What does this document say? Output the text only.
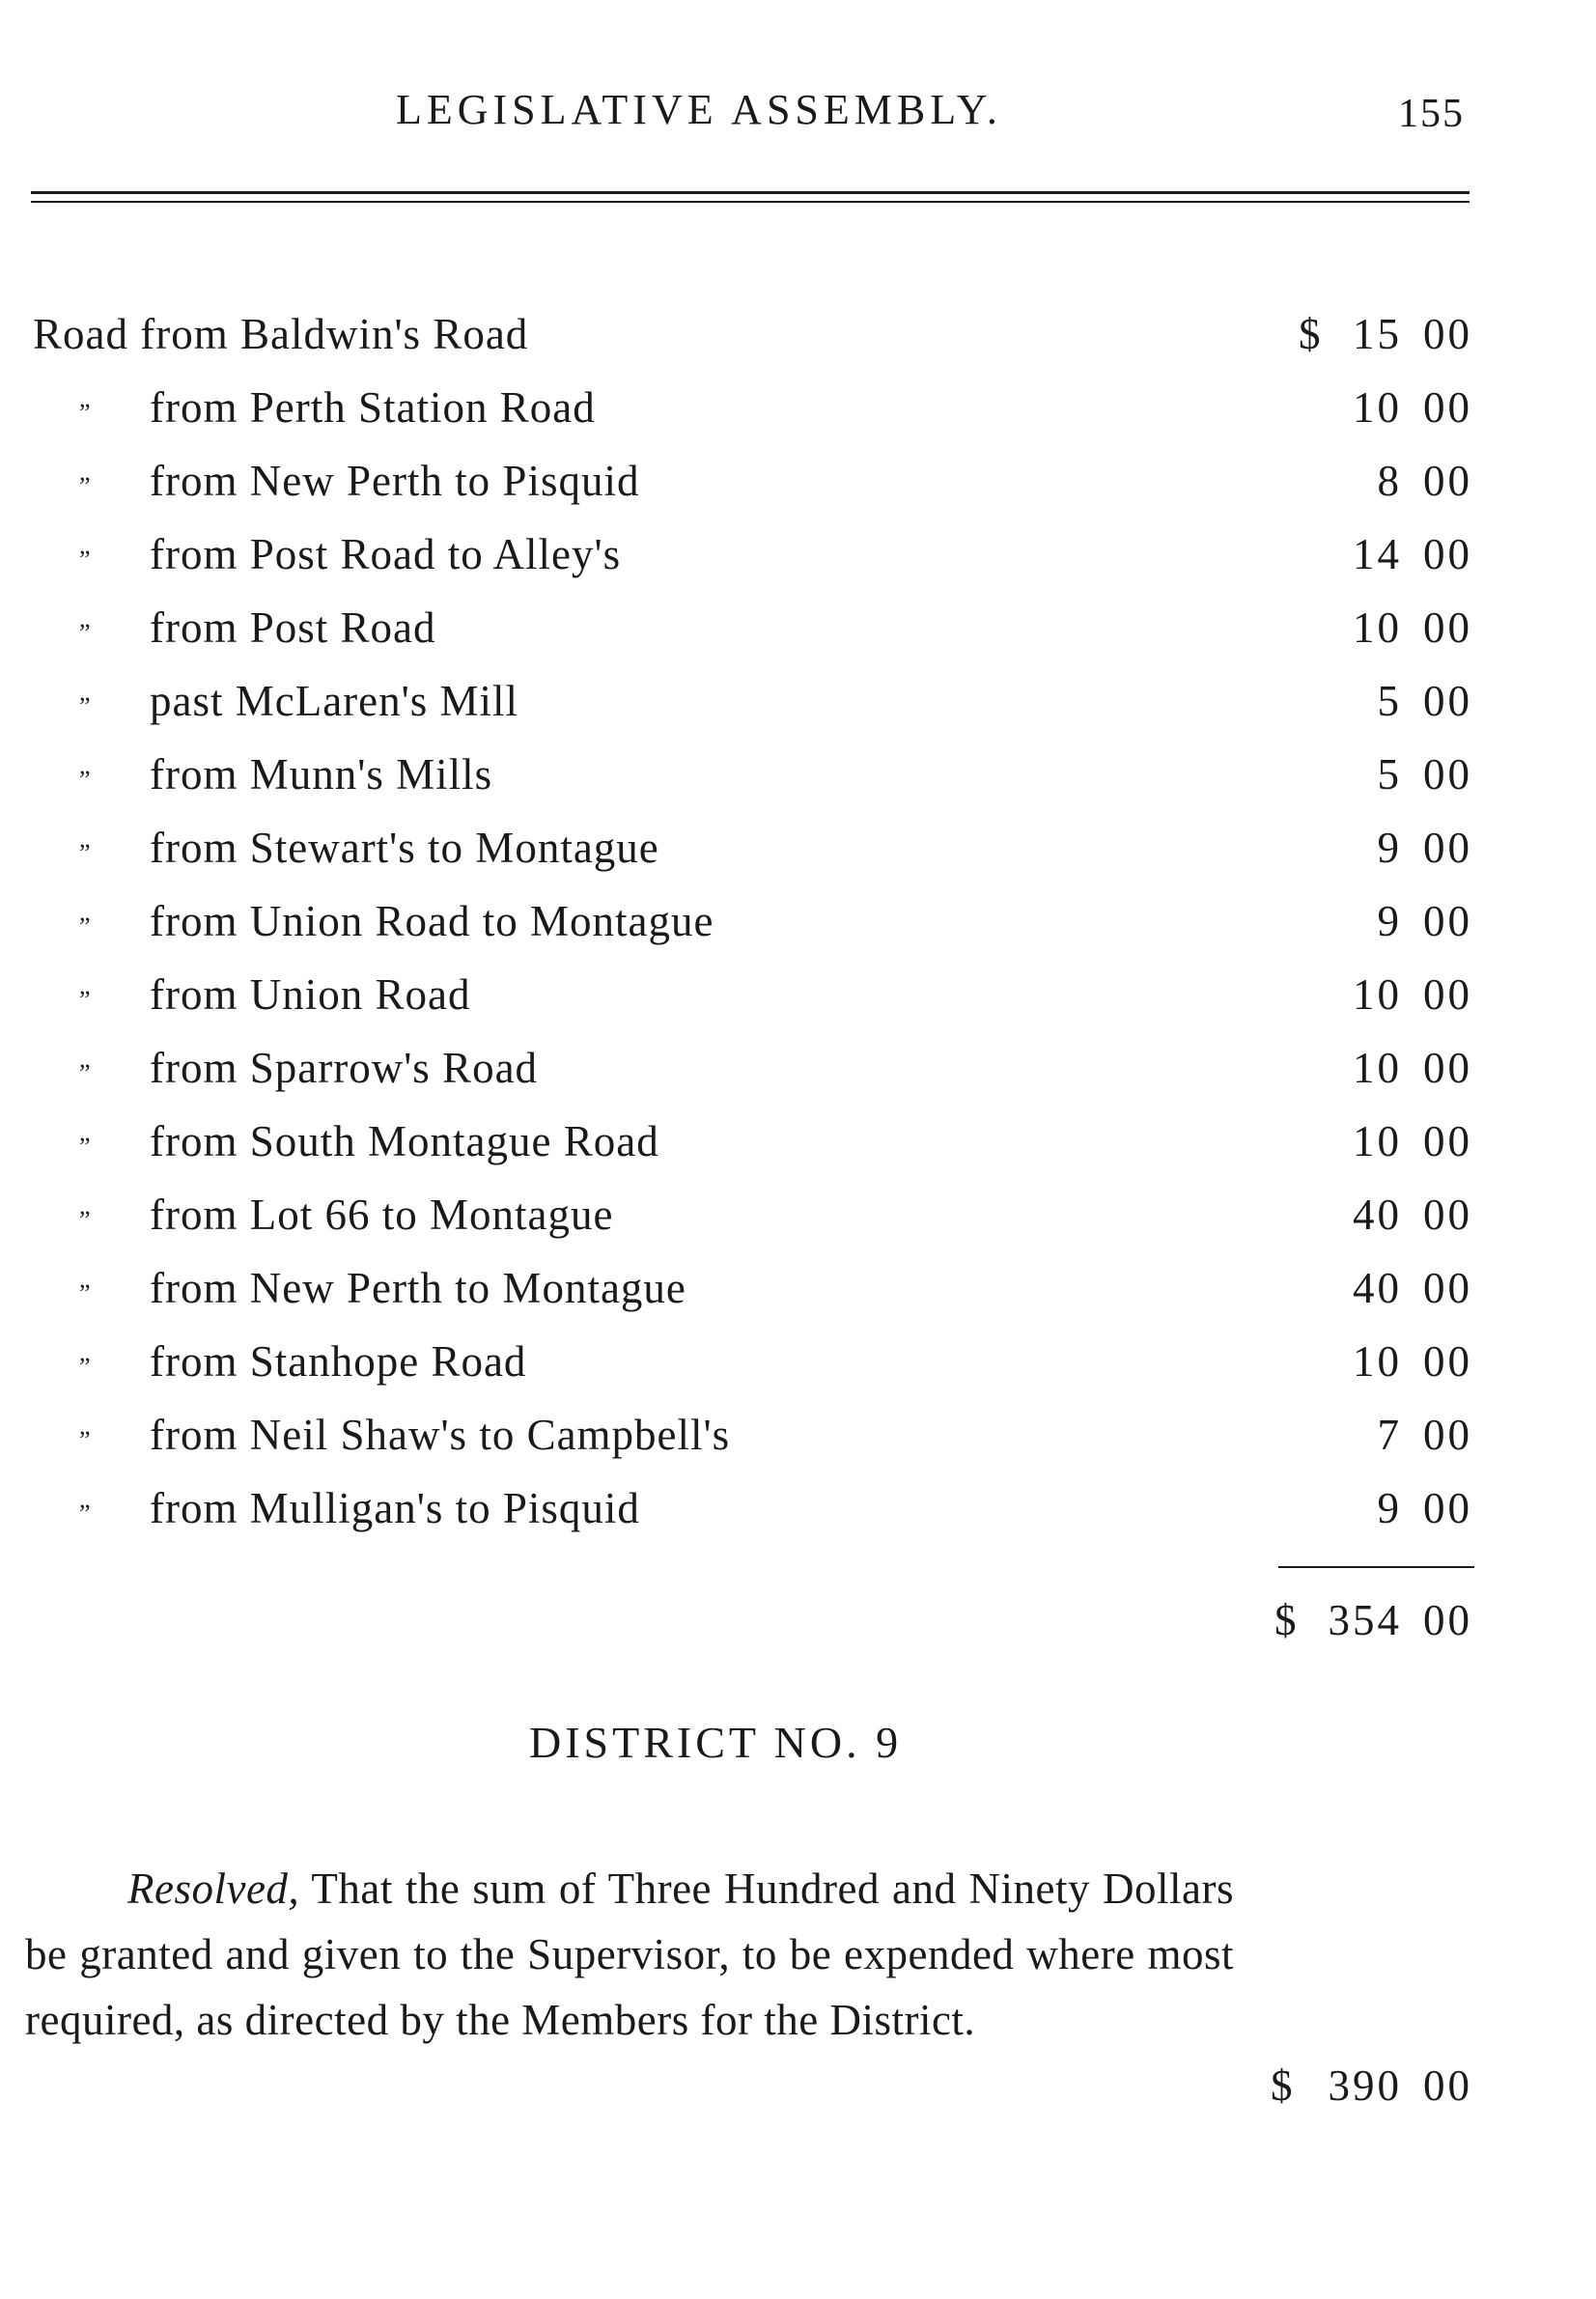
LEGISLATIVE ASSEMBLY.	155
Road from Baldwin's Road	$ 15 00
” from Perth Station Road	10 00
” from New Perth to Pisquid	8 00
” from Post Road to Alley's	14 00
” from Post Road	10 00
” past McLaren's Mill	5 00
” from Munn's Mills	5 00
” from Stewart's to Montague	9 00
” from Union Road to Montague	9 00
” from Union Road	10 00
” from Sparrow's Road	10 00
” from South Montague Road	10 00
” from Lot 66 to Montague	40 00
” from New Perth to Montague	40 00
” from Stanhope Road	10 00
” from Neil Shaw's to Campbell's	7 00
” from Mulligan's to Pisquid	9 00
$ 354 00
DISTRICT NO. 9
Resolved, That the sum of Three Hundred and Ninety Dollars be granted and given to the Supervisor, to be expended where most required, as directed by the Members for the District.
$ 390 00
